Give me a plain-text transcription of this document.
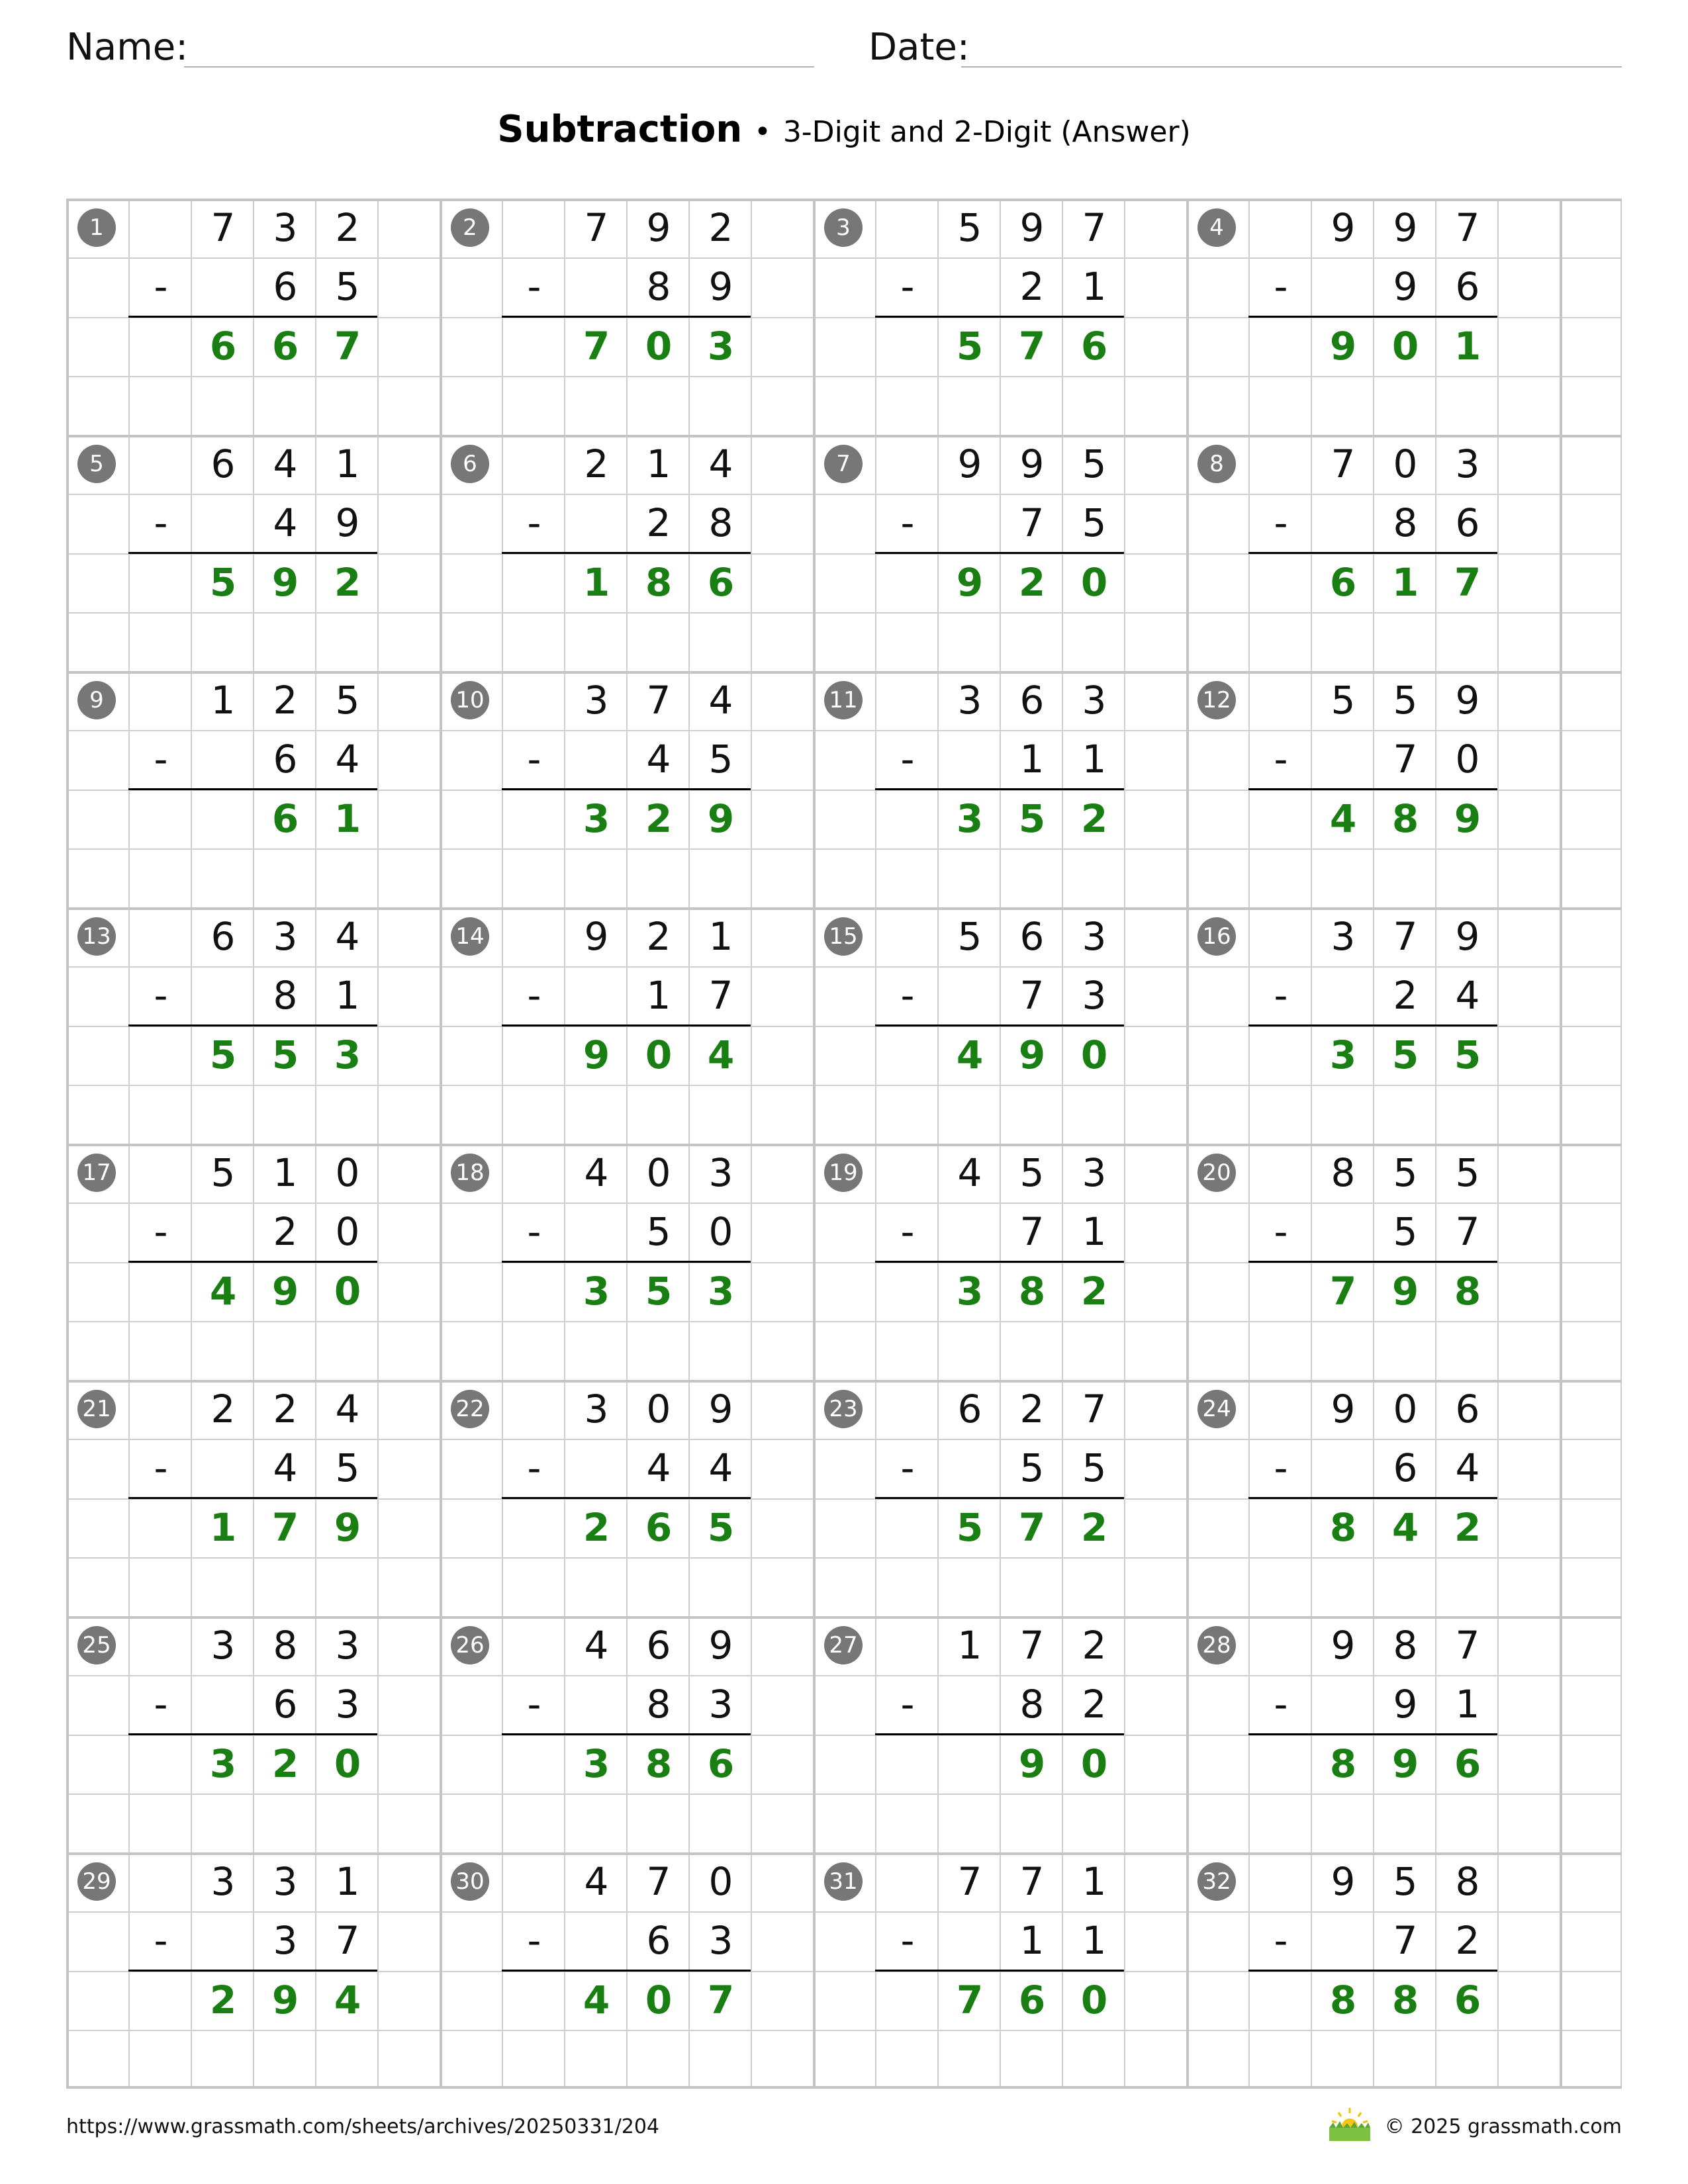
Name:	Date:
Subtraction • 3-Digit and 2-Digit (Answer)
1	7 3 2
-	6 5
6 6 7
2	7 9 2
-	8 9
7 0 3
3	5 9 7
-	2 1
5 7 6
4	9 9 7
-	9 6
9 0 1
5	6 4 1
-	4 9
5 9 2
6	2 1 4
-	2 8
1 8 6
7	9 9 5
-	7 5
9 2 0
8	7 0 3
-	8 6
6 1 7
9	1 2 5
-	6 4
6 1
10	3 7 4
-	4 5
3 2 9
11	3 6 3
-	1 1
3 5 2
12	5 5 9
-	7 0
4 8 9
13	6 3 4
-	8 1
5 5 3
14	9 2 1
-	1 7
9 0 4
15	5 6 3
-	7 3
4 9 0
16	3 7 9
-	2 4
3 5 5
17	5 1 0
-	2 0
4 9 0
18	4 0 3
-	5 0
3 5 3
19	4 5 3
-	7 1
3 8 2
20	8 5 5
-	5 7
7 9 8
21	2 2 4
-	4 5
1 7 9
22	3 0 9
-	4 4
2 6 5
23	6 2 7
-	5 5
5 7 2
24	9 0 6
-	6 4
8 4 2
25	3 8 3
-	6 3
3 2 0
26	4 6 9
-	8 3
3 8 6
27	1 7 2
-	8 2
9 0
28	9 8 7
-	9 1
8 9 6
29	3 3 1
-	3 7
2 9 4
30	4 7 0
-	6 3
4 0 7
31	7 7 1
-	1 1
7 6 0
32	9 5 8
-	7 2
8 8 6
https://www.grassmath.com/sheets/archives/20250331/204	© 2025 grassmath.com
